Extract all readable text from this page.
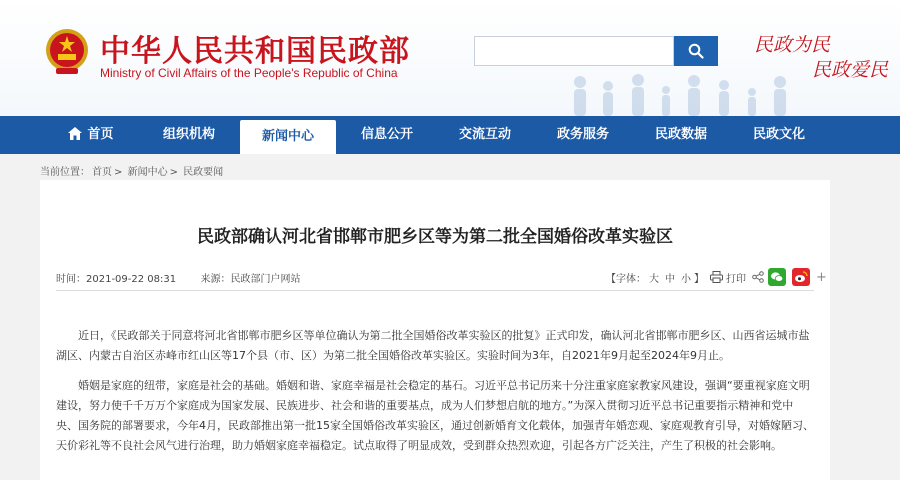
中华人民共和国民政部
Ministry of Civil Affairs of the People's Republic of China
民政为民
民政爱民
首页	组织机构	新闻中心	信息公开	交流互动	政务服务	民政数据	民政文化
当前位置： 首页 > 新闻中心 > 民政要闻
民政部确认河北省邯郸市肥乡区等为第二批全国婚俗改革实验区
时间：2021-09-22 08:31 来源：民政部门户网站	【字体： 大 中 小 】 打印	+
近日，《民政部关于同意将河北省邯郸市肥乡区等单位确认为第二批全国婚俗改革实验区的批复》正式印发，确认河北省邯郸市肥乡区、山西省运城市盐湖区、内蒙古自治区赤峰市红山区等17个县（市、区）为第二批全国婚俗改革实验区。实验时间为3年，自2021年9月起至2024年9月止。
婚姻是家庭的纽带，家庭是社会的基础。婚姻和谐、家庭幸福是社会稳定的基石。习近平总书记历来十分注重家庭家教家风建设，强调“要重视家庭文明建设，努力使千千万万个家庭成为国家发展、民族进步、社会和谐的重要基点，成为人们梦想启航的地方。”为深入贯彻习近平总书记重要指示精神和党中央、国务院的部署要求，今年4月，民政部推出第一批15家全国婚俗改革实验区，通过创新婚育文化载体，加强青年婚恋观、家庭观教育引导，对婚嫁陋习、天价彩礼等不良社会风气进行治理，助力婚姻家庭幸福稳定。试点取得了明显成效，受到群众热烈欢迎，引起各方广泛关注，产生了积极的社会影响。
